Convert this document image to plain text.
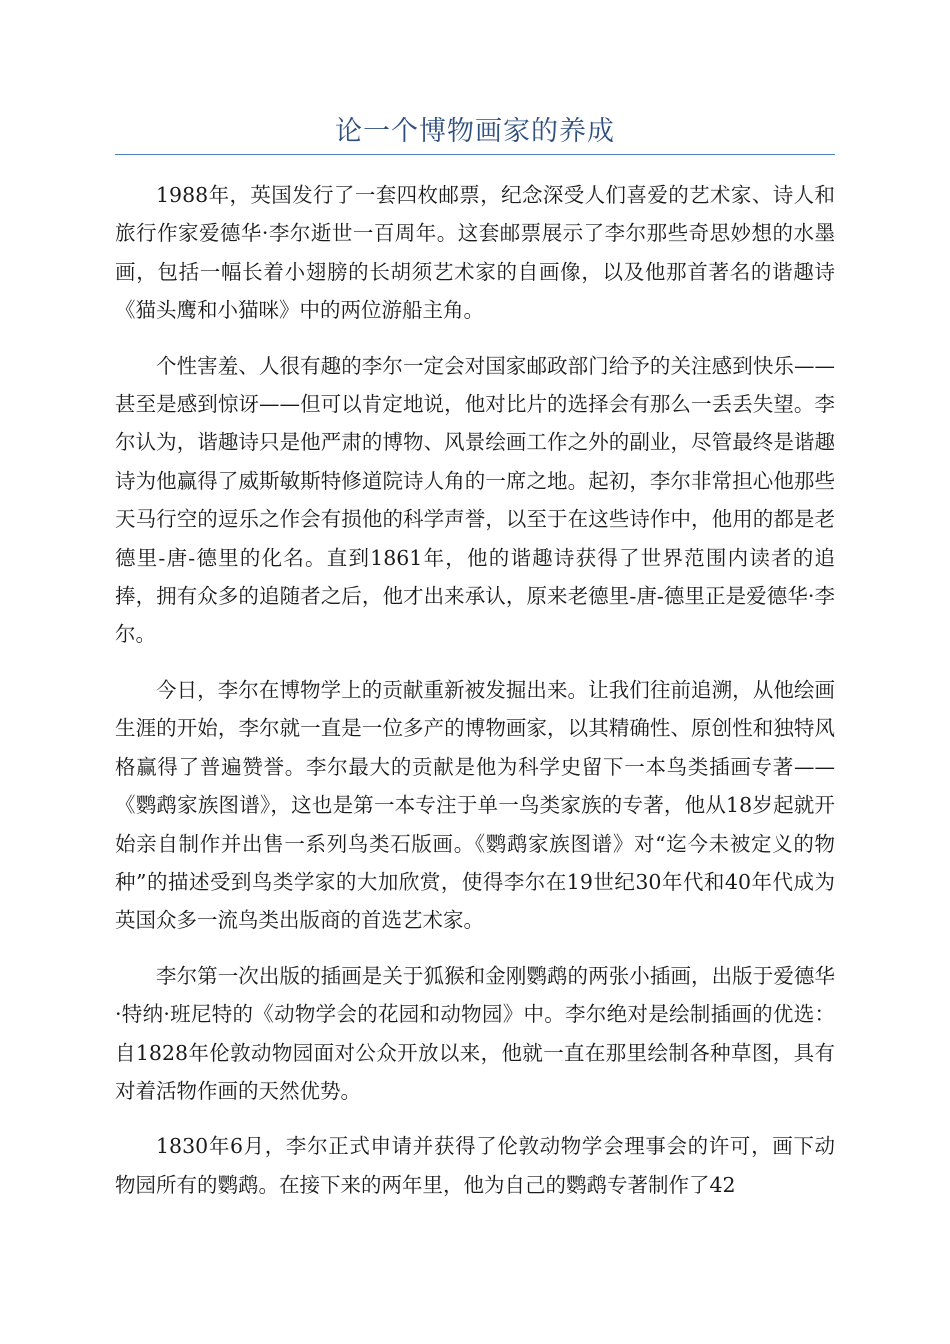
论一个博物画家的养成

1988年，英国发行了一套四枚邮票，纪念深受人们喜爱的艺术家、诗人和旅行作家爱德华·李尔逝世一百周年。这套邮票展示了李尔那些奇思妙想的水墨画，包括一幅长着小翅膀的长胡须艺术家的自画像，以及他那首著名的谐趣诗《猫头鹰和小猫咪》中的两位游船主角。

个性害羞、人很有趣的李尔一定会对国家邮政部门给予的关注感到快乐——甚至是感到惊讶——但可以肯定地说，他对比片的选择会有那么一丢丢失望。李尔认为，谐趣诗只是他严肃的博物、风景绘画工作之外的副业，尽管最终是谐趣诗为他赢得了威斯敏斯特修道院诗人角的一席之地。起初，李尔非常担心他那些天马行空的逗乐之作会有损他的科学声誉，以至于在这些诗作中，他用的都是老德里-唐-德里的化名。直到1861年，他的谐趣诗获得了世界范围内读者的追捧，拥有众多的追随者之后，他才出来承认，原来老德里-唐-德里正是爱德华·李尔。

今日，李尔在博物学上的贡献重新被发掘出来。让我们往前追溯，从他绘画生涯的开始，李尔就一直是一位多产的博物画家，以其精确性、原创性和独特风格赢得了普遍赞誉。李尔最大的贡献是他为科学史留下一本鸟类插画专著——《鹦鹉家族图谱》，这也是第一本专注于单一鸟类家族的专著，他从18岁起就开始亲自制作并出售一系列鸟类石版画。《鹦鹉家族图谱》对“迄今未被定义的物种”的描述受到鸟类学家的大加欣赏，使得李尔在19世纪30年代和40年代成为英国众多一流鸟类出版商的首选艺术家。

李尔第一次出版的插画是关于狐猴和金刚鹦鹉的两张小插画，出版于爱德华·特纳·班尼特的《动物学会的花园和动物园》中。李尔绝对是绘制插画的优选：自1828年伦敦动物园面对公众开放以来，他就一直在那里绘制各种草图，具有对着活物作画的天然优势。

1830年6月，李尔正式申请并获得了伦敦动物学会理事会的许可，画下动物园所有的鹦鹉。在接下来的两年里，他为自己的鹦鹉专著制作了42
